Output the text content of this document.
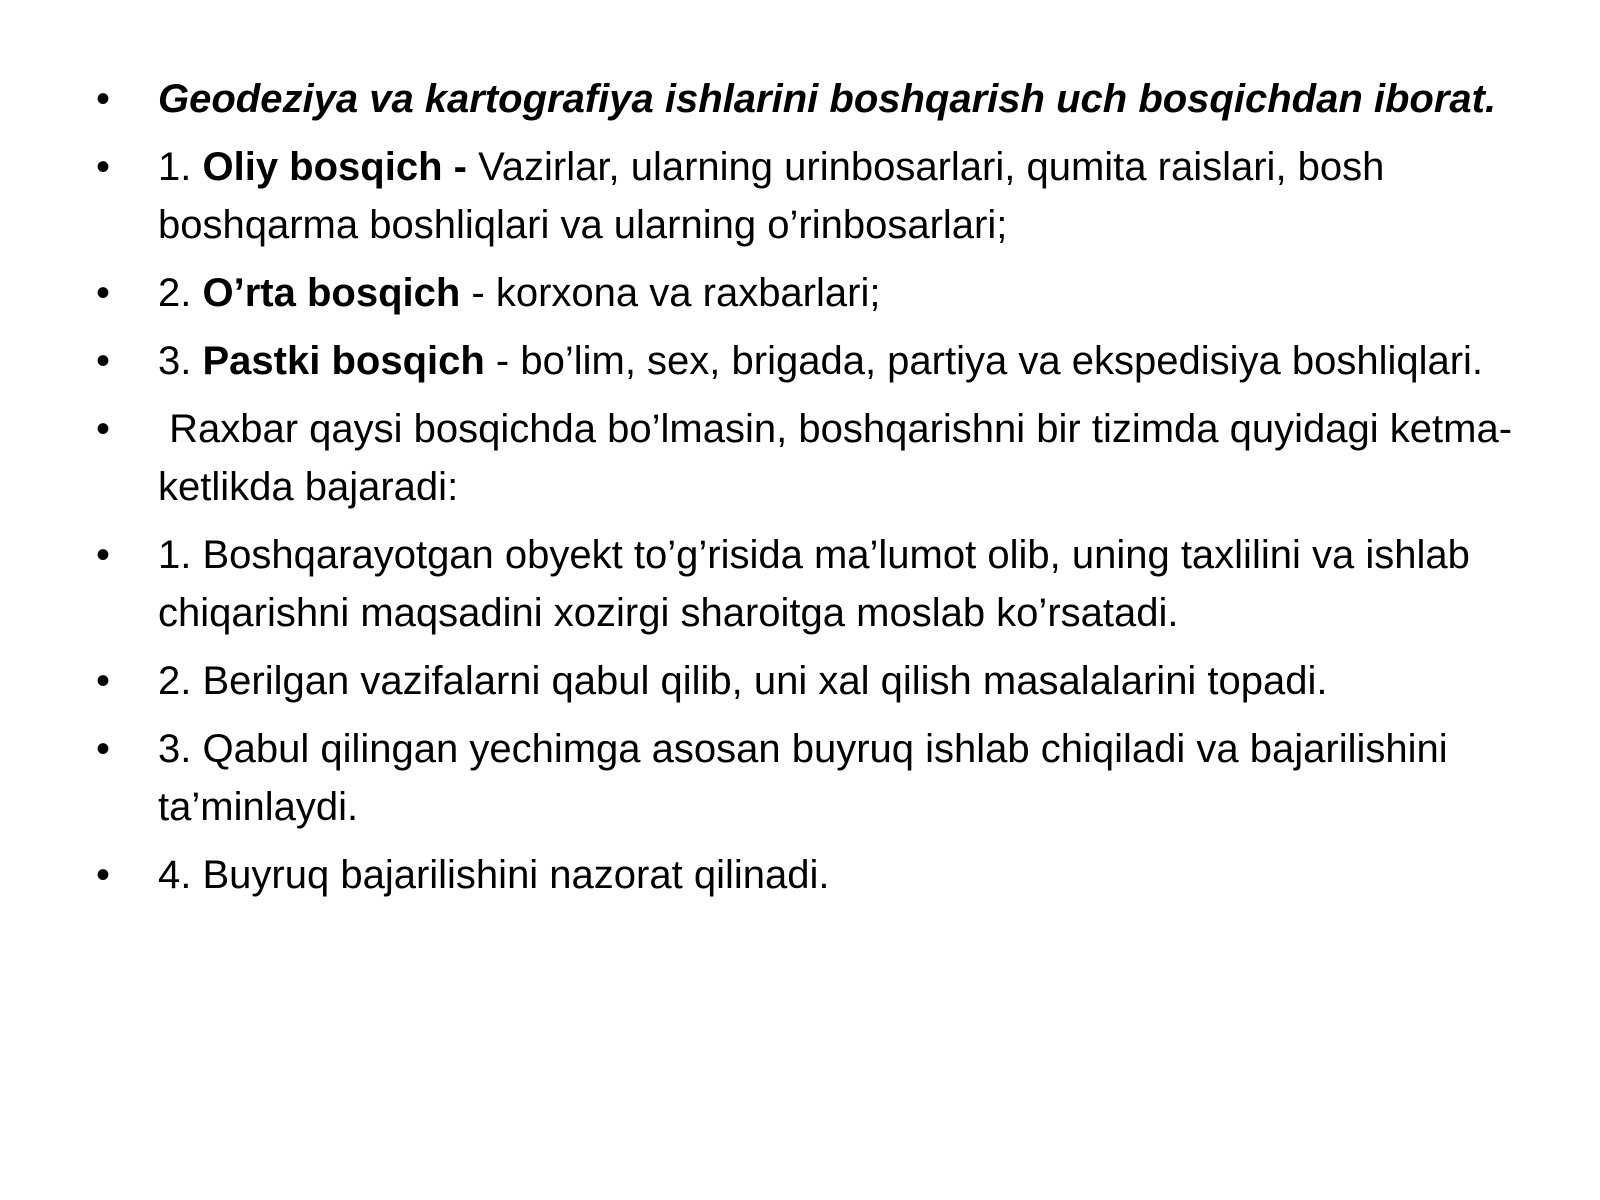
• Geodeziya va kartografiya ishlarini boshqarish uch bosqichdan iborat.
• 1. Oliy bosqich - Vazirlar, ularning urinbosarlari, qumita raislari, bosh boshqarma boshliqlari va ularning o’rinbosarlari;
• 2. O’rta bosqich - korxona va raxbarlari;
• 3. Pastki bosqich - bo’lim, sex, brigada, partiya va ekspedisiya boshliqlari.
• Raxbar qaysi bosqichda bo’lmasin, boshqarishni bir tizimda quyidagi ketma-ketlikda bajaradi:
• 1. Boshqarayotgan obyekt to’g’risida ma’lumot olib, uning taxlilini va ishlab chiqarishni maqsadini xozirgi sharoitga moslab ko’rsatadi.
• 2. Berilgan vazifalarni qabul qilib, uni xal qilish masalalarini topadi.
• 3. Qabul qilingan yechimga asosan buyruq ishlab chiqiladi va bajarilishini ta’minlaydi.
• 4. Buyruq bajarilishini nazorat qilinadi.
